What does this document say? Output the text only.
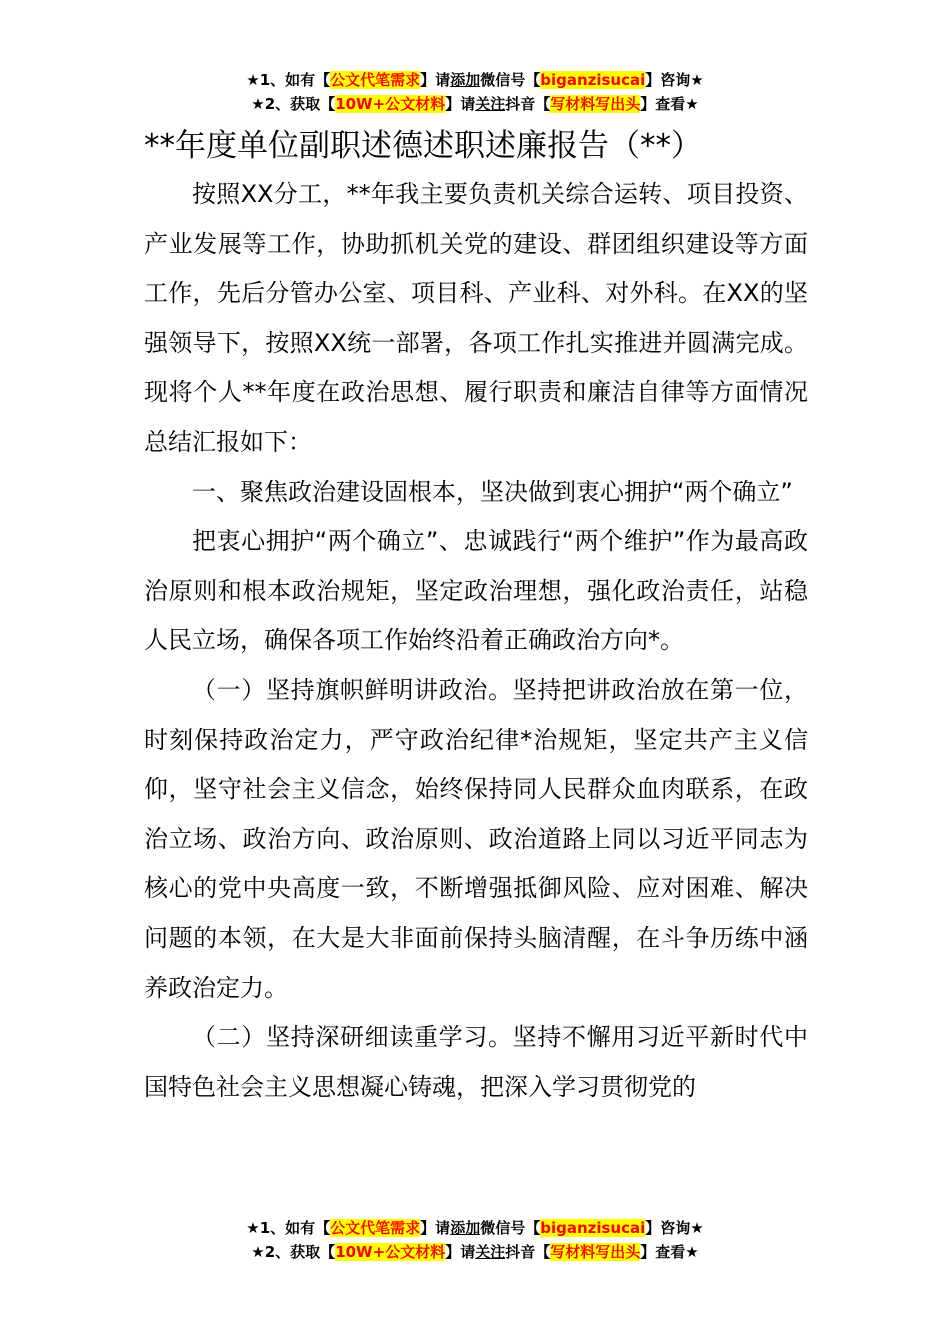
★1、如有【公文代笔需求】请添加微信号【biganzisucai】咨询★
★2、获取【10W+公文材料】请关注抖音【写材料写出头】查看★
**年度单位副职述德述职述廉报告（**）

按照XX分工，**年我主要负责机关综合运转、项目投资、产业发展等工作，协助抓机关党的建设、群团组织建设等方面工作，先后分管办公室、项目科、产业科、对外科。在XX的坚强领导下，按照XX统一部署，各项工作扎实推进并圆满完成。现将个人**年度在政治思想、履行职责和廉洁自律等方面情况总结汇报如下：

一、聚焦政治建设固根本，坚决做到衷心拥护“两个确立”

把衷心拥护“两个确立”、忠诚践行“两个维护”作为最高政治原则和根本政治规矩，坚定政治理想，强化政治责任，站稳人民立场，确保各项工作始终沿着正确政治方向*。

（一）坚持旗帜鲜明讲政治。坚持把讲政治放在第一位，时刻保持政治定力，严守政治纪律*治规矩，坚定共产主义信仰，坚守社会主义信念，始终保持同人民群众血肉联系，在政治立场、政治方向、政治原则、政治道路上同以习近平同志为核心的党中央高度一致，不断增强抵御风险、应对困难、解决问题的本领，在大是大非面前保持头脑清醒，在斗争历练中涵养政治定力。

（二）坚持深研细读重学习。坚持不懈用习近平新时代中国特色社会主义思想凝心铸魂，把深入学习贯彻党的

★1、如有【公文代笔需求】请添加微信号【biganzisucai】咨询★
★2、获取【10W+公文材料】请关注抖音【写材料写出头】查看★
